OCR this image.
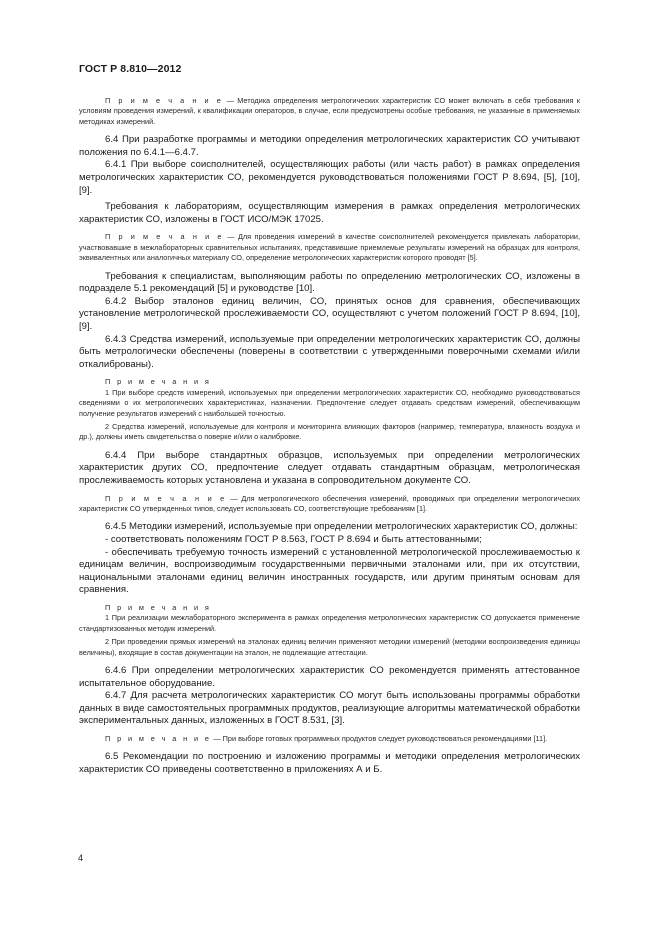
ГОСТ Р 8.810—2012

П р и м е ч а н и е — Методика определения метрологических характеристик СО может включать в себя требования к условиям проведения измерений, к квалификации операторов, в случае, если предусмотрены особые требования, не указанные в применяемых методиках измерений.

6.4 При разработке программы и методики определения метрологических характеристик СО учитывают положения по 6.4.1—6.4.7.

6.4.1 При выборе соисполнителей, осуществляющих работы (или часть работ) в рамках определения метрологических характеристик СО, рекомендуется руководствоваться положениями ГОСТ Р 8.694, [5], [10], [9].

Требования к лабораториям, осуществляющим измерения в рамках определения метрологических характеристик СО, изложены в ГОСТ ИСО/МЭК 17025.

П р и м е ч а н и е — Для проведения измерений в качестве соисполнителей рекомендуется привлекать лаборатории, участвовавшие в межлабораторных сравнительных испытаниях, представившие приемлемые результаты измерений на образцах для контроля, эквивалентных или аналогичных материалу СО, определение метрологических характеристик которого проводят [5].

Требования к специалистам, выполняющим работы по определению метрологических СО, изложены в подразделе 5.1 рекомендаций [5] и руководстве [10].

6.4.2 Выбор эталонов единиц величин, СО, принятых основ для сравнения, обеспечивающих установление метрологической прослеживаемости СО, осуществляют с учетом положений ГОСТ Р 8.694, [10], [9].

6.4.3 Средства измерений, используемые при определении метрологических характеристик СО, должны быть метрологически обеспечены (поверены в соответствии с утвержденными поверочными схемами и/или откалиброваны).

П р и м е ч а н и я

1 При выборе средств измерений, используемых при определении метрологических характеристик СО, необходимо руководствоваться сведениями о их метрологических характеристиках, назначении. Предпочтение следует отдавать средствам измерений, обеспечивающим получение результатов измерений с наибольшей точностью.

2 Средства измерений, используемые для контроля и мониторинга влияющих факторов (например, температура, влажность воздуха и др.), должны иметь свидетельства о поверке и/или о калибровке.

6.4.4 При выборе стандартных образцов, используемых при определении метрологических характеристик других СО, предпочтение следует отдавать стандартным образцам, метрологическая прослеживаемость которых установлена и указана в сопроводительном документе СО.

П р и м е ч а н и е — Для метрологического обеспечения измерений, проводимых при определении метрологических характеристик СО утвержденных типов, следует использовать СО, соответствующие требованиям [1].

6.4.5 Методики измерений, используемые при определении метрологических характеристик СО, должны:

- соответствовать положениям ГОСТ Р 8.563, ГОСТ Р 8.694 и быть аттестованными;

- обеспечивать требуемую точность измерений с установленной метрологической прослеживаемостью к единицам величин, воспроизводимым государственными первичными эталонами или, при их отсутствии, национальными эталонами единиц величин иностранных государств, или другим принятым основам для сравнения.

П р и м е ч а н и я

1 При реализации межлабораторного эксперимента в рамках определения метрологических характеристик СО допускается применение стандартизованных методик измерений.

2 При проведении прямых измерений на эталонах единиц величин применяют методики измерений (методики воспроизведения единицы величины), входящие в состав документации на эталон, не подлежащие аттестации.

6.4.6 При определении метрологических характеристик СО рекомендуется применять аттестованное испытательное оборудование.

6.4.7 Для расчета метрологических характеристик СО могут быть использованы программы обработки данных в виде самостоятельных программных продуктов, реализующие алгоритмы математической обработки экспериментальных данных, изложенных в ГОСТ 8.531, [3].

П р и м е ч а н и е — При выборе готовых программных продуктов следует руководствоваться рекомендациями [11].

6.5 Рекомендации по построению и изложению программы и методики определения метрологических характеристик СО приведены соответственно в приложениях А и Б.

4
